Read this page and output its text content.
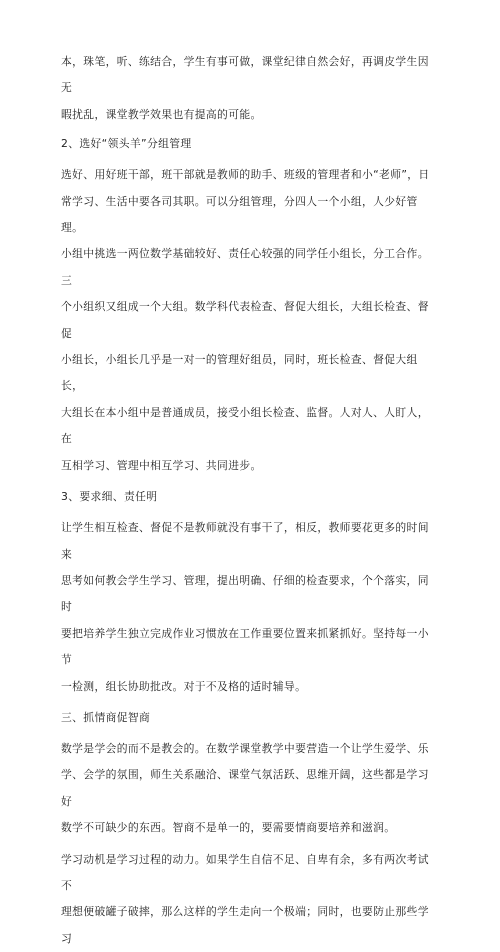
本，珠笔，听、练结合，学生有事可做，课堂纪律自然会好，再调皮学生因无
暇扰乱，课堂教学效果也有提高的可能。
2、选好“领头羊”分组管理
选好、用好班干部，班干部就是教师的助手、班级的管理者和小“老师”，日
常学习、生活中要各司其职。可以分组管理，分四人一个小组，人少好管理。
小组中挑选一两位数学基础较好、责任心较强的同学任小组长，分工合作。三
个小组织又组成一个大组。数学科代表检查、督促大组长，大组长检查、督促
小组长，小组长几乎是一对一的管理好组员，同时，班长检查、督促大组长，
大组长在本小组中是普通成员，接受小组长检查、监督。人对人、人盯人，在
互相学习、管理中相互学习、共同进步。
3、要求细、责任明
让学生相互检查、督促不是教师就没有事干了，相反，教师要花更多的时间来
思考如何教会学生学习、管理，提出明确、仔细的检查要求，个个落实，同时
要把培养学生独立完成作业习惯放在工作重要位置来抓紧抓好。坚持每一小节
一检测，组长协助批改。对于不及格的适时辅导。
三、抓情商促智商
数学是学会的而不是教会的。在数学课堂教学中要营造一个让学生爱学、乐
学、会学的氛围，师生关系融洽、课堂气氛活跃、思维开阔，这些都是学习好
数学不可缺少的东西。智商不是单一的，要需要情商要培养和滋润。
学习动机是学习过程的动力。如果学生自信不足、自卑有余，多有两次考试不
理想便破罐子破摔，那么这样的学生走向一个极端；同时，也要防止那些学习
